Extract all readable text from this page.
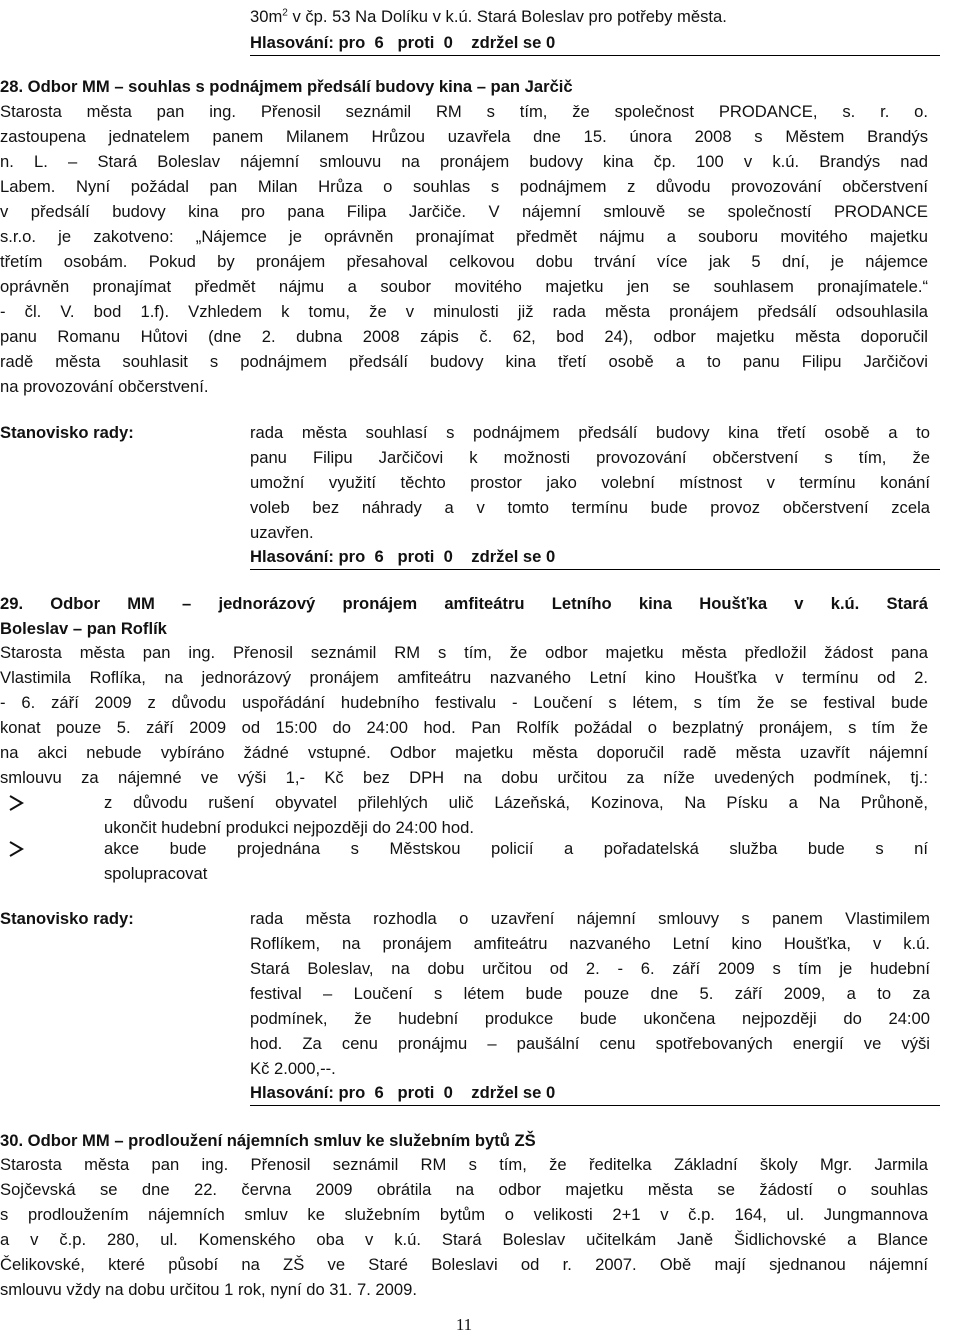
$30m^2$ v čp. 53 Na Dolíku v k.ú. Stará Boleslav pro potřeby města.
Hlasování: pro  6   proti  0    zdržel se 0
28. Odbor MM – souhlas s podnájmem předsálí budovy kina – pan Jarčič
Starosta města pan ing. Přenosil seznámil RM s tím, že společnost PRODANCE, s. r. o.
zastoupena jednatelem panem Milanem Hrůzou uzavřela dne 15. února 2008 s Městem Brandýs
n. L. – Stará Boleslav nájemní smlouvu na pronájem budovy kina čp. 100 v k.ú. Brandýs nad
Labem. Nyní požádal pan Milan Hrůza o souhlas s podnájmem z důvodu provozování občerstvení
v předsálí budovy kina pro pana Filipa Jarčiče. V nájemní smlouvě se společností PRODANCE
s.r.o. je zakotveno: „Nájemce je oprávněn pronajímat předmět nájmu a souboru movitého majetku
třetím osobám. Pokud by pronájem přesahoval celkovou dobu trvání více jak 5 dní, je nájemce
oprávněn pronajímat předmět nájmu a soubor movitého majetku jen se souhlasem pronajímatele.“
- čl. V. bod 1.f). Vzhledem k tomu, že v minulosti již rada města pronájem předsálí odsouhlasila
panu Romanu Hůtovi (dne 2. dubna 2008 zápis č. 62, bod 24), odbor majetku města doporučil
radě města souhlasit s podnájmem předsálí budovy kina třetí osobě a to panu Filipu Jarčičovi
na provozování občerstvení.
Stanovisko rady:	rada města souhlasí s podnájmem předsálí budovy kina třetí osobě a to
panu Filipu Jarčičovi k možnosti provozování občerstvení s tím, že
umožní využití těchto prostor jako volební místnost v termínu konání
voleb bez náhrady a v tomto termínu bude provoz občerstvení zcela
uzavřen.
Hlasování: pro  6   proti  0    zdržel se 0
29. Odbor MM – jednorázový pronájem amfiteátru Letního kina Houšťka v k.ú. Stará
Boleslav – pan Roflík
Starosta města pan ing. Přenosil seznámil RM s tím, že odbor majetku města předložil žádost pana
Vlastimila Roflíka, na jednorázový pronájem amfiteátru nazvaného Letní kino Houšťka v termínu od 2.
- 6. září 2009 z důvodu uspořádání hudebního festivalu - Loučení s létem, s tím že se festival bude
konat pouze 5. září 2009 od 15:00 do 24:00 hod. Pan Rolfík požádal o bezplatný pronájem, s tím že
na akci nebude vybíráno žádné vstupné. Odbor majetku města doporučil radě města uzavřít nájemní
smlouvu za nájemné ve výši 1,- Kč bez DPH na dobu určitou za níže uvedených podmínek, tj.:
z důvodu rušení obyvatel přilehlých ulič Lázeňská, Kozinova, Na Písku a Na Průhoně,
ukončit hudební produkci nejpozději do 24:00 hod.
akce bude projednána s Městskou policií a pořadatelská služba bude s ní
spolupracovat
Stanovisko rady:	rada města rozhodla o uzavření nájemní smlouvy s panem Vlastimilem
Roflíkem, na pronájem amfiteátru nazvaného Letní kino Houšťka, v k.ú.
Stará Boleslav, na dobu určitou od 2. - 6. září 2009 s tím je hudební
festival – Loučení s létem bude pouze dne 5. září 2009, a to za
podmínek, že hudební produkce bude ukončena nejpozději do 24:00
hod. Za cenu pronájmu – paušální cenu spotřebovaných energií ve výši
Kč 2.000,--.
Hlasování: pro  6   proti  0    zdržel se 0
30. Odbor MM – prodloužení nájemních smluv ke služebním bytů ZŠ
Starosta města pan ing. Přenosil seznámil RM s tím, že ředitelka Základní školy Mgr. Jarmila
Sojčevská se dne 22. června 2009 obrátila na odbor majetku města se žádostí o souhlas
s prodloužením nájemních smluv ke služebním bytům o velikosti 2+1 v č.p. 164, ul. Jungmannova
a v č.p. 280, ul. Komenského oba v k.ú. Stará Boleslav učitelkám Janě Šidlichovské a Blance
Čelikovské, které působí na ZŠ ve Staré Boleslavi od r. 2007. Obě mají sjednanou nájemní
smlouvu vždy na dobu určitou 1 rok, nyní do 31. 7. 2009.
11
